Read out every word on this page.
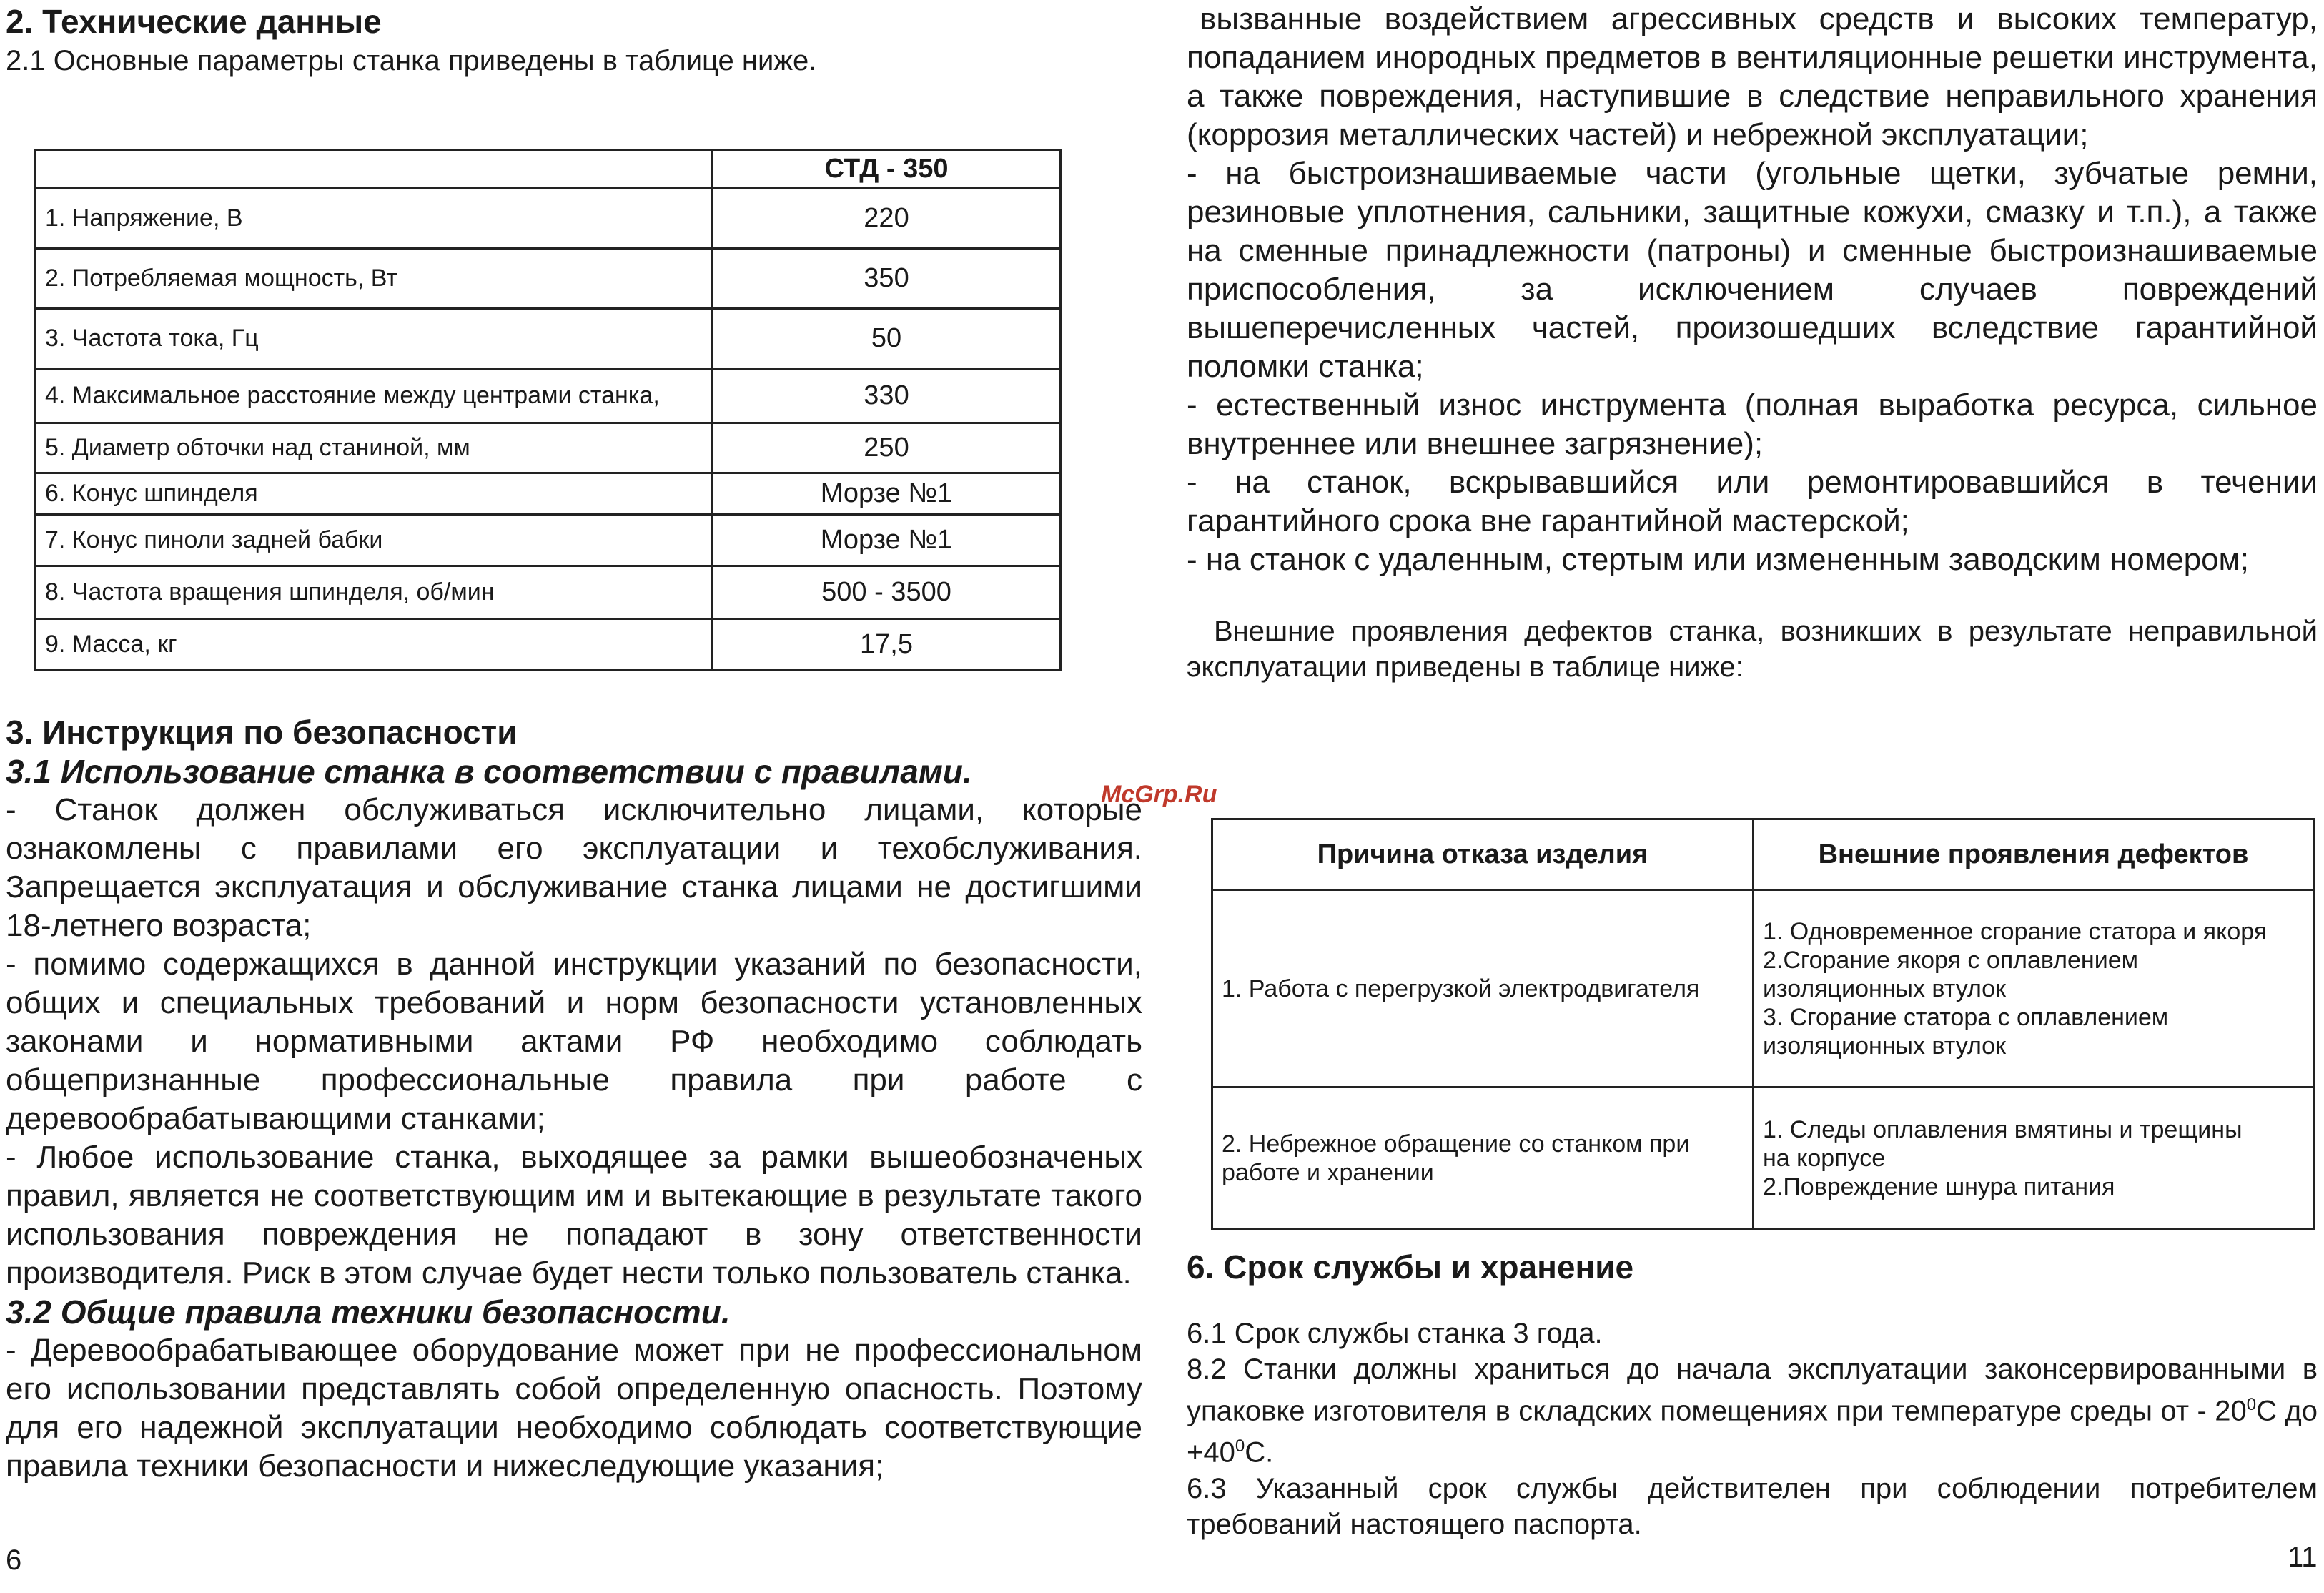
2. Технические данные
2.1 Основные параметры станка приведены в таблице ниже.
	СТД - 350
1. Напряжение, В	220
2. Потребляемая мощность, Вт	350
3. Частота тока, Гц	50
4. Максимальное расстояние между центрами станка,	330
5. Диаметр обточки над станиной, мм	250
6. Конус шпинделя	Морзе №1
7. Конус пиноли задней бабки	Морзе №1
8. Частота вращения шпинделя, об/мин	500 - 3500
9. Масса, кг	17,5
3. Инструкция по безопасности
3.1 Использование станка в соответствии с правилами.

- Станок должен обслуживаться исключительно лицами, которые ознакомлены с правилами его эксплуатации и техобслуживания. Запрещается эксплуатация и обслуживание станка лицами не достигшими 18-летнего возраста;

- помимо содержащихся в данной инструкции указаний по безопасности, общих и специальных требований и норм безопасности установленных законами и нормативными актами РФ необходимо соблюдать общепризнанные профессиональные правила при работе с деревообрабатывающими станками;

- Любое использование станка, выходящее за рамки вышеобозначеных правил, является не соответствующим им и вытекающие в результате такого использования повреждения не попадают в зону ответственности производителя. Риск в этом случае будет нести только пользователь станка.

3.2 Общие правила техники безопасности.

- Деревообрабатывающее оборудование может при не профессиональном его использовании представлять собой определенную опасность. Поэтому для его надежной эксплуатации необходимо соблюдать соответствующие правила техники безопасности и нижеследующие указания;

6

вызванные воздействием агрессивных средств и высоких температур, попаданием инородных предметов в вентиляционные решетки инструмента, а также повреждения, наступившие в следствие неправильного хранения (коррозия металлических частей) и небрежной эксплуатации;

- на быстроизнашиваемые части (угольные щетки, зубчатые ремни, резиновые уплотнения, сальники, защитные кожухи, смазку и т.п.), а также на сменные принадлежности (патроны) и сменные быстроизнашиваемые приспособления, за исключением случаев повреждений вышеперечисленных частей, произошедших вследствие гарантийной поломки станка;

- естественный износ инструмента (полная выработка ресурса, сильное внутреннее или внешнее загрязнение);

- на станок, вскрывавшийся или ремонтировавшийся в течении гарантийного срока вне гарантийной мастерской;

- на станок с удаленным, стертым или измененным заводским номером;

Внешние проявления дефектов станка, возникших в результате неправильной эксплуатации приведены в таблице ниже:

McGrp.Ru
Причина отказа изделия	Внешние проявления дефектов
1. Работа с перегрузкой электродвигателя	1. Одновременное сгорание статора и якоря
2.Сгорание якоря с оплавлением
изоляционных втулок
3. Сгорание статора с оплавлением
изоляционных втулок

2. Небрежное обращение со станком при работе и хранении	1. Следы оплавления вмятины и трещины
на корпусе
2.Повреждение шнура питания
6. Срок службы и хранение

6.1 Срок службы станка 3 года.

8.2 Станки должны храниться до начала эксплуатации законсервированными в упаковке изготовителя в складских помещениях при температуре среды от - $20^0С$ до $+40^0С$.

6.3 Указанный срок службы действителен при соблюдении потребителем требований настоящего паспорта.

11
